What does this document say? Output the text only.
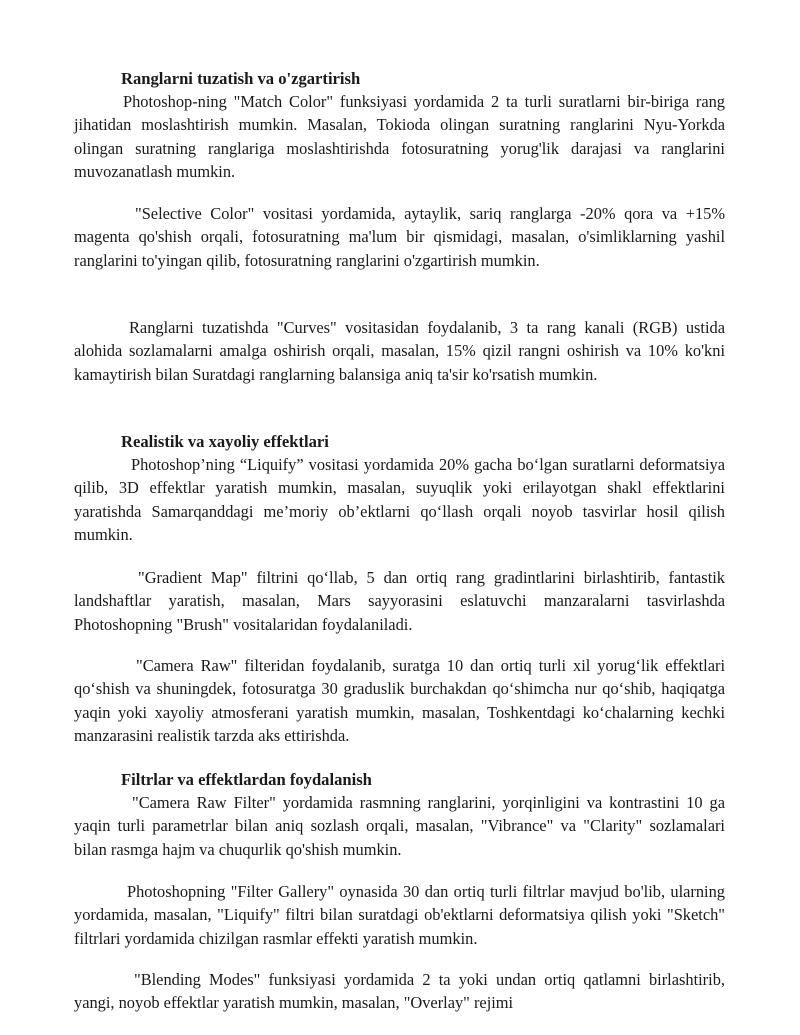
Ranglarni tuzatish va o'zgartirish
Photoshop-ning "Match Color" funksiyasi yordamida 2 ta turli suratlarni bir-biriga rang jihatidan moslashtirish mumkin. Masalan, Tokioda olingan suratning ranglarini Nyu-Yorkda olingan suratning ranglariga moslashtirishda fotosuratning yorug'lik darajasi va ranglarini muvozanatlash mumkin.
"Selective Color" vositasi yordamida, aytaylik, sariq ranglarga -20% qora va +15% magenta qo'shish orqali, fotosuratning ma'lum bir qismidagi, masalan, o'simliklarning yashil ranglarini to'yingan qilib, fotosuratning ranglarini o'zgartirish mumkin.
Ranglarni tuzatishda "Curves" vositasidan foydalanib, 3 ta rang kanali (RGB) ustida alohida sozlamalarni amalga oshirish orqali, masalan, 15% qizil rangni oshirish va 10% ko'kni kamaytirish bilan Suratdagi ranglarning balansiga aniq ta'sir ko'rsatish mumkin.
Realistik va xayoliy effektlari
Photoshop’ning “Liquify” vositasi yordamida 20% gacha bo‘lgan suratlarni deformatsiya qilib, 3D effektlar yaratish mumkin, masalan, suyuqlik yoki erilayotgan shakl effektlarini yaratishda Samarqanddagi me’moriy ob’ektlarni qo‘llash orqali noyob tasvirlar hosil qilish mumkin.
"Gradient Map" filtrini qo‘llab, 5 dan ortiq rang gradintlarini birlashtirib, fantastik landshaftlar yaratish, masalan, Mars sayyorasini eslatuvchi manzaralarni tasvirlashda Photoshopning "Brush" vositalaridan foydalaniladi.
"Camera Raw" filteridan foydalanib, suratga 10 dan ortiq turli xil yorug‘lik effektlari qo‘shish va shuningdek, fotosuratga 30 graduslik burchakdan qo‘shimcha nur qo‘shib, haqiqatga yaqin yoki xayoliy atmosferani yaratish mumkin, masalan, Toshkentdagi ko‘chalarning kechki manzarasini realistik tarzda aks ettirishda.
Filtrlar va effektlardan foydalanish
"Camera Raw Filter" yordamida rasmning ranglarini, yorqinligini va kontrastini 10 ga yaqin turli parametrlar bilan aniq sozlash orqali, masalan, "Vibrance" va "Clarity" sozlamalari bilan rasmga hajm va chuqurlik qo'shish mumkin.
Photoshopning "Filter Gallery" oynasida 30 dan ortiq turli filtrlar mavjud bo'lib, ularning yordamida, masalan, "Liquify" filtri bilan suratdagi ob'ektlarni deformatsiya qilish yoki "Sketch" filtrlari yordamida chizilgan rasmlar effekti yaratish mumkin.
"Blending Modes" funksiyasi yordamida 2 ta yoki undan ortiq qatlamni birlashtirib, yangi, noyob effektlar yaratish mumkin, masalan, "Overlay" rejimi
